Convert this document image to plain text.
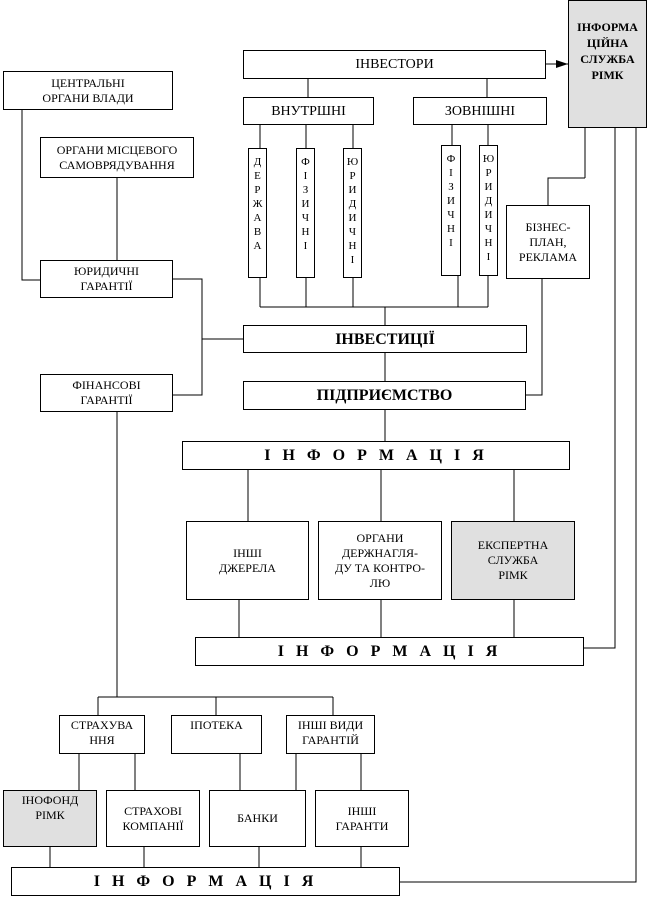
ІНВЕСТОРИ
ВНУТРШНІ	ЗОВНІШНІ
Д
Е
Р
Ж
А
В
А
Ф
І
З
И
Ч
Н
І
Ю
Р
И
Д
И
Ч
Н
І
Ф
І
З
И
Ч
Н
І
Ю
Р
И
Д
И
Ч
Н
І
ІНФОРМА
ЦІЙНА
СЛУЖБА
РІМК
ЦЕНТРАЛЬНІ
ОРГАНИ ВЛАДИ
ОРГАНИ МІСЦЕВОГО
САМОВРЯДУВАННЯ
ЮРИДИЧНІ
ГАРАНТІЇ
ФІНАНСОВІ
ГАРАНТІЇ
БІЗНЕС-
ПЛАН,
РЕКЛАМА
ІНВЕСТИЦІЇ
ПІДПРИЄМСТВО
І Н Ф О Р М А Ц І Я
ІНШІ
ДЖЕРЕЛА
ОРГАНИ
ДЕРЖНАГЛЯ-
ДУ ТА КОНТРО-
ЛЮ
ЕКСПЕРТНА
СЛУЖБА
РІМК
І Н Ф О Р М А Ц І Я
СТРАХУВА
ННЯ
ІПОТЕКА	ІНШІ ВИДИ
ГАРАНТІЙ
ІНОФОНД
РІМК	СТРАХОВІ
КОМПАНІЇ
БАНКИ
ІНШІ
ГАРАНТИ
І Н Ф О Р М А Ц І Я
